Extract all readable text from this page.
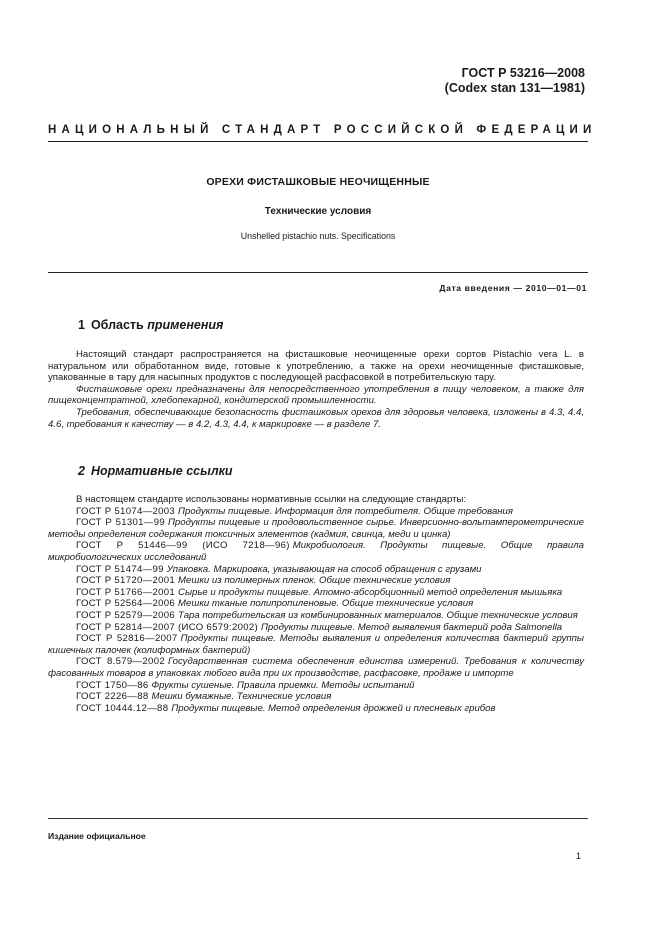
ГОСТ Р 53216—2008
(Codex stan 131—1981)
НАЦИОНАЛЬНЫЙ СТАНДАРТ РОССИЙСКОЙ ФЕДЕРАЦИИ
ОРЕХИ ФИСТАШКОВЫЕ НЕОЧИЩЕННЫЕ
Технические условия
Unshelled pistachio nuts. Specifications
Дата введения — 2010—01—01
1 Область применения

Настоящий стандарт распространяется на фисташковые неочищенные орехи сортов Pistachio vera L. в натуральном или обработанном виде, готовые к употреблению, а также на орехи неочищенные фисташковые, упакованные в тару для насыпных продуктов с последующей расфасовкой в потребительскую тару.

Фисташковые орехи предназначены для непосредственного употребления в пищу человеком, а также для пищеконцентратной, хлебопекарной, кондитерской промышленности.

Требования, обеспечивающие безопасность фисташковых орехов для здоровья человека, изложены в 4.3, 4.4, 4.6, требования к качеству — в 4.2, 4.3, 4.4, к маркировке — в разделе 7.

2 Нормативные ссылки

В настоящем стандарте использованы нормативные ссылки на следующие стандарты:

ГОСТ Р 51074—2003 Продукты пищевые. Информация для потребителя. Общие требования

ГОСТ Р 51301—99 Продукты пищевые и продовольственное сырье. Инверсионно-вольтамперометрические методы определения содержания токсичных элементов (кадмия, свинца, меди и цинка)

ГОСТ Р 51446—99 (ИСО 7218—96) Микробиология. Продукты пищевые. Общие правила микробиологических исследований

ГОСТ Р 51474—99 Упаковка. Маркировка, указывающая на способ обращения с грузами

ГОСТ Р 51720—2001 Мешки из полимерных пленок. Общие технические условия

ГОСТ Р 51766—2001 Сырье и продукты пищевые. Атомно-абсорбционный метод определения мышьяка

ГОСТ Р 52564—2006 Мешки тканые полипропиленовые. Общие технические условия

ГОСТ Р 52579—2006 Тара потребительская из комбинированных материалов. Общие технические условия

ГОСТ Р 52814—2007 (ИСО 6579:2002) Продукты пищевые. Метод выявления бактерий рода Salmonella

ГОСТ Р 52816—2007 Продукты пищевые. Методы выявления и определения количества бактерий группы кишечных палочек (колиформных бактерий)

ГОСТ 8.579—2002 Государственная система обеспечения единства измерений. Требования к количеству фасованных товаров в упаковках любого вида при их производстве, расфасовке, продаже и импорте

ГОСТ 1750—86 Фрукты сушеные. Правила приемки. Методы испытаний

ГОСТ 2226—88 Мешки бумажные. Технические условия

ГОСТ 10444.12—88 Продукты пищевые. Метод определения дрожжей и плесневых грибов

Издание официальное
1
